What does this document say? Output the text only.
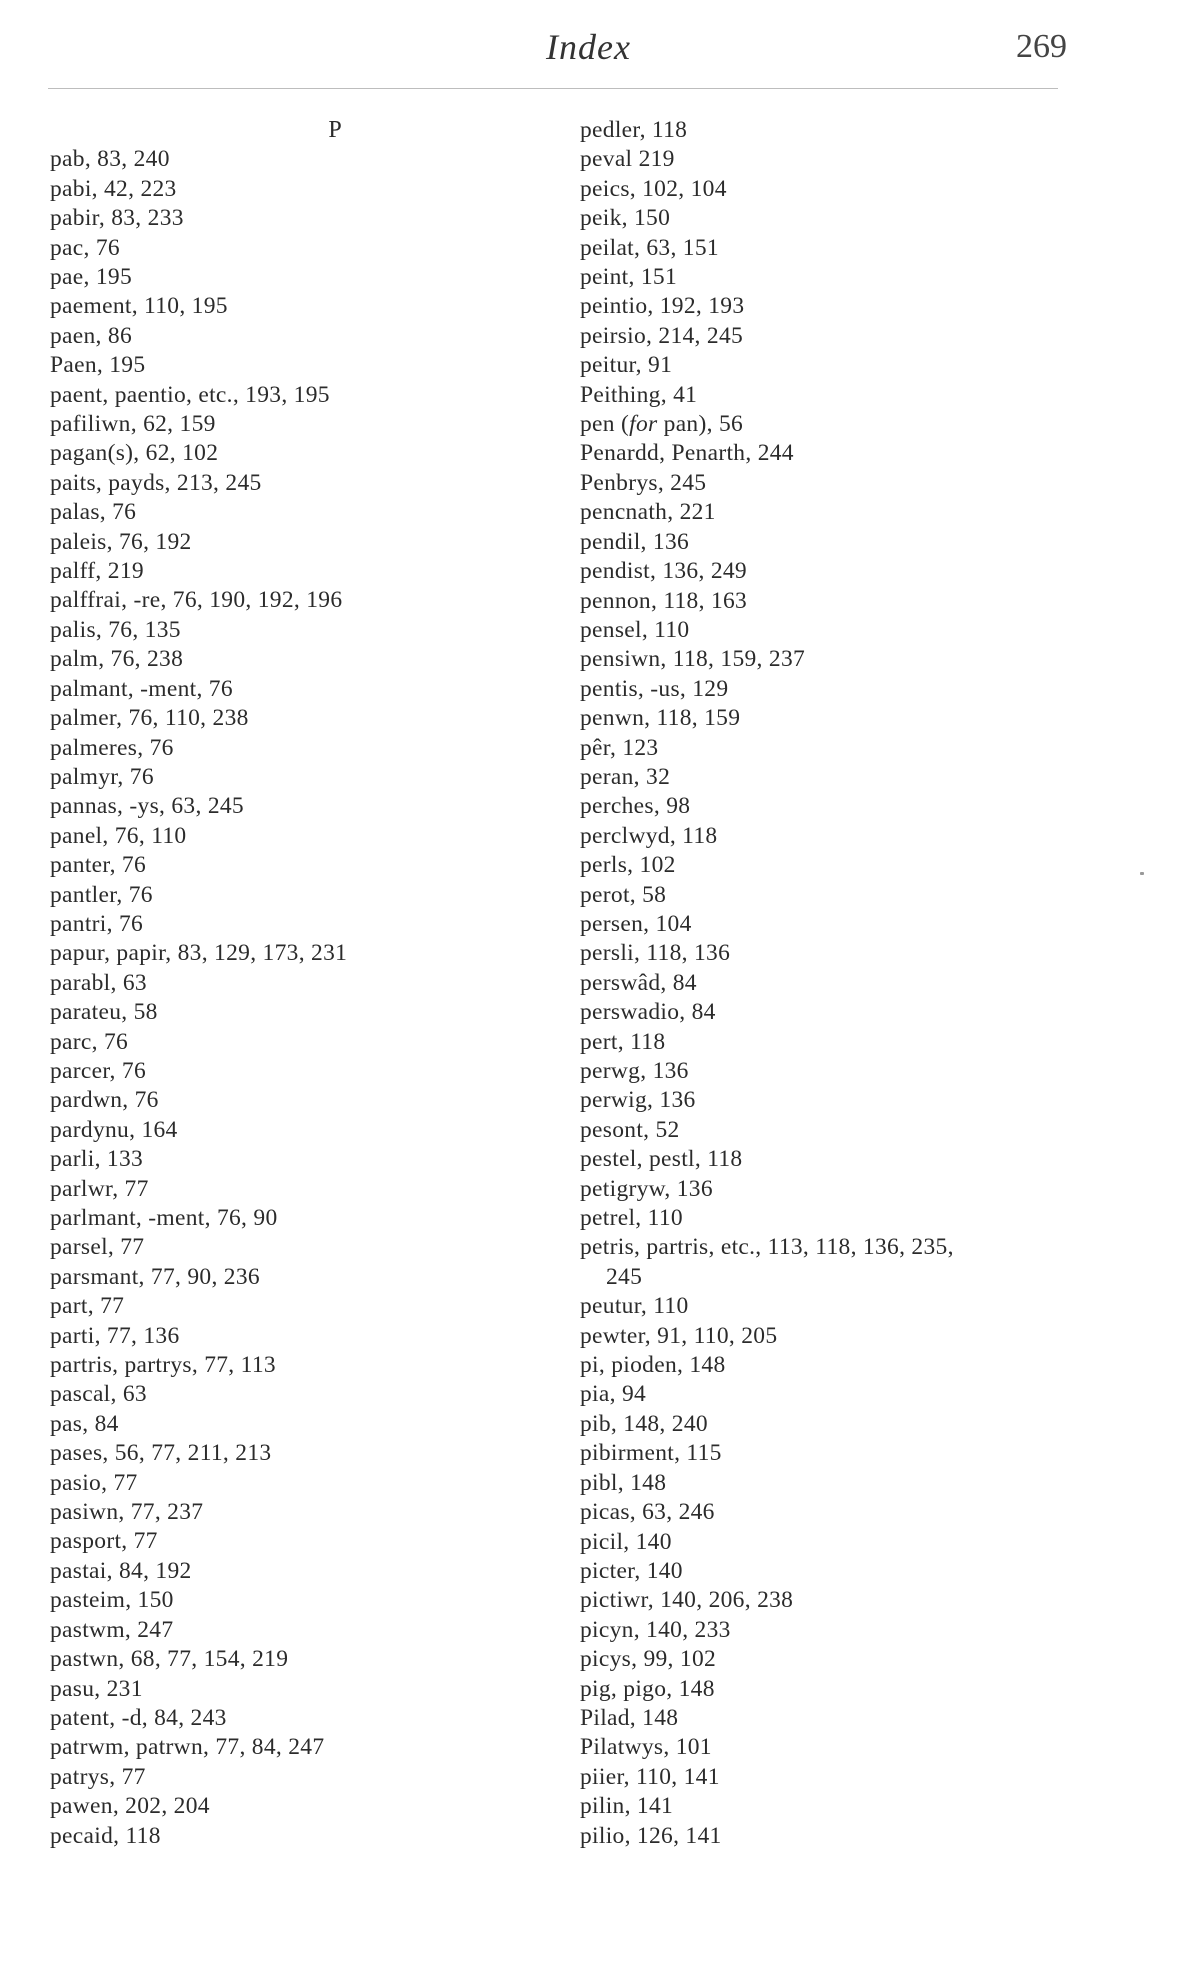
Index	269
P
pab, 83, 240
pabi, 42, 223
pabir, 83, 233
pac, 76
pae, 195
paement, 110, 195
paen, 86
Paen, 195
paent, paentio, etc., 193, 195
pafiliwn, 62, 159
pagan(s), 62, 102
paits, payds, 213, 245
palas, 76
paleis, 76, 192
palff, 219
palffrai, -re, 76, 190, 192, 196
palis, 76, 135
palm, 76, 238
palmant, -ment, 76
palmer, 76, 110, 238
palmeres, 76
palmyr, 76
pannas, -ys, 63, 245
panel, 76, 110
panter, 76
pantler, 76
pantri, 76
papur, papir, 83, 129, 173, 231
parabl, 63
parateu, 58
parc, 76
parcer, 76
pardwn, 76
pardynu, 164
parli, 133
parlwr, 77
parlmant, -ment, 76, 90
parsel, 77
parsmant, 77, 90, 236
part, 77
parti, 77, 136
partris, partrys, 77, 113
pascal, 63
pas, 84
pases, 56, 77, 211, 213
pasio, 77
pasiwn, 77, 237
pasport, 77
pastai, 84, 192
pasteim, 150
pastwm, 247
pastwn, 68, 77, 154, 219
pasu, 231
patent, -d, 84, 243
patrwm, patrwn, 77, 84, 247
patrys, 77
pawen, 202, 204
pecaid, 118
pedler, 118
peval 219
peics, 102, 104
peik, 150
peilat, 63, 151
peint, 151
peintio, 192, 193
peirsio, 214, 245
peitur, 91
Peithing, 41
pen (for pan), 56
Penardd, Penarth, 244
Penbrys, 245
pencnath, 221
pendil, 136
pendist, 136, 249
pennon, 118, 163
pensel, 110
pensiwn, 118, 159, 237
pentis, -us, 129
penwn, 118, 159
pêr, 123
peran, 32
perches, 98
perclwyd, 118
perls, 102
perot, 58
persen, 104
persli, 118, 136
perswâd, 84
perswadio, 84
pert, 118
perwg, 136
perwig, 136
pesont, 52
pestel, pestl, 118
petigryw, 136
petrel, 110
petris, partris, etc., 113, 118, 136, 235,
245
peutur, 110
pewter, 91, 110, 205
pi, pioden, 148
pia, 94
pib, 148, 240
pibirment, 115
pibl, 148
picas, 63, 246
picil, 140
picter, 140
pictiwr, 140, 206, 238
picyn, 140, 233
picys, 99, 102
pig, pigo, 148
Pilad, 148
Pilatwys, 101
piier, 110, 141
pilin, 141
pilio, 126, 141
